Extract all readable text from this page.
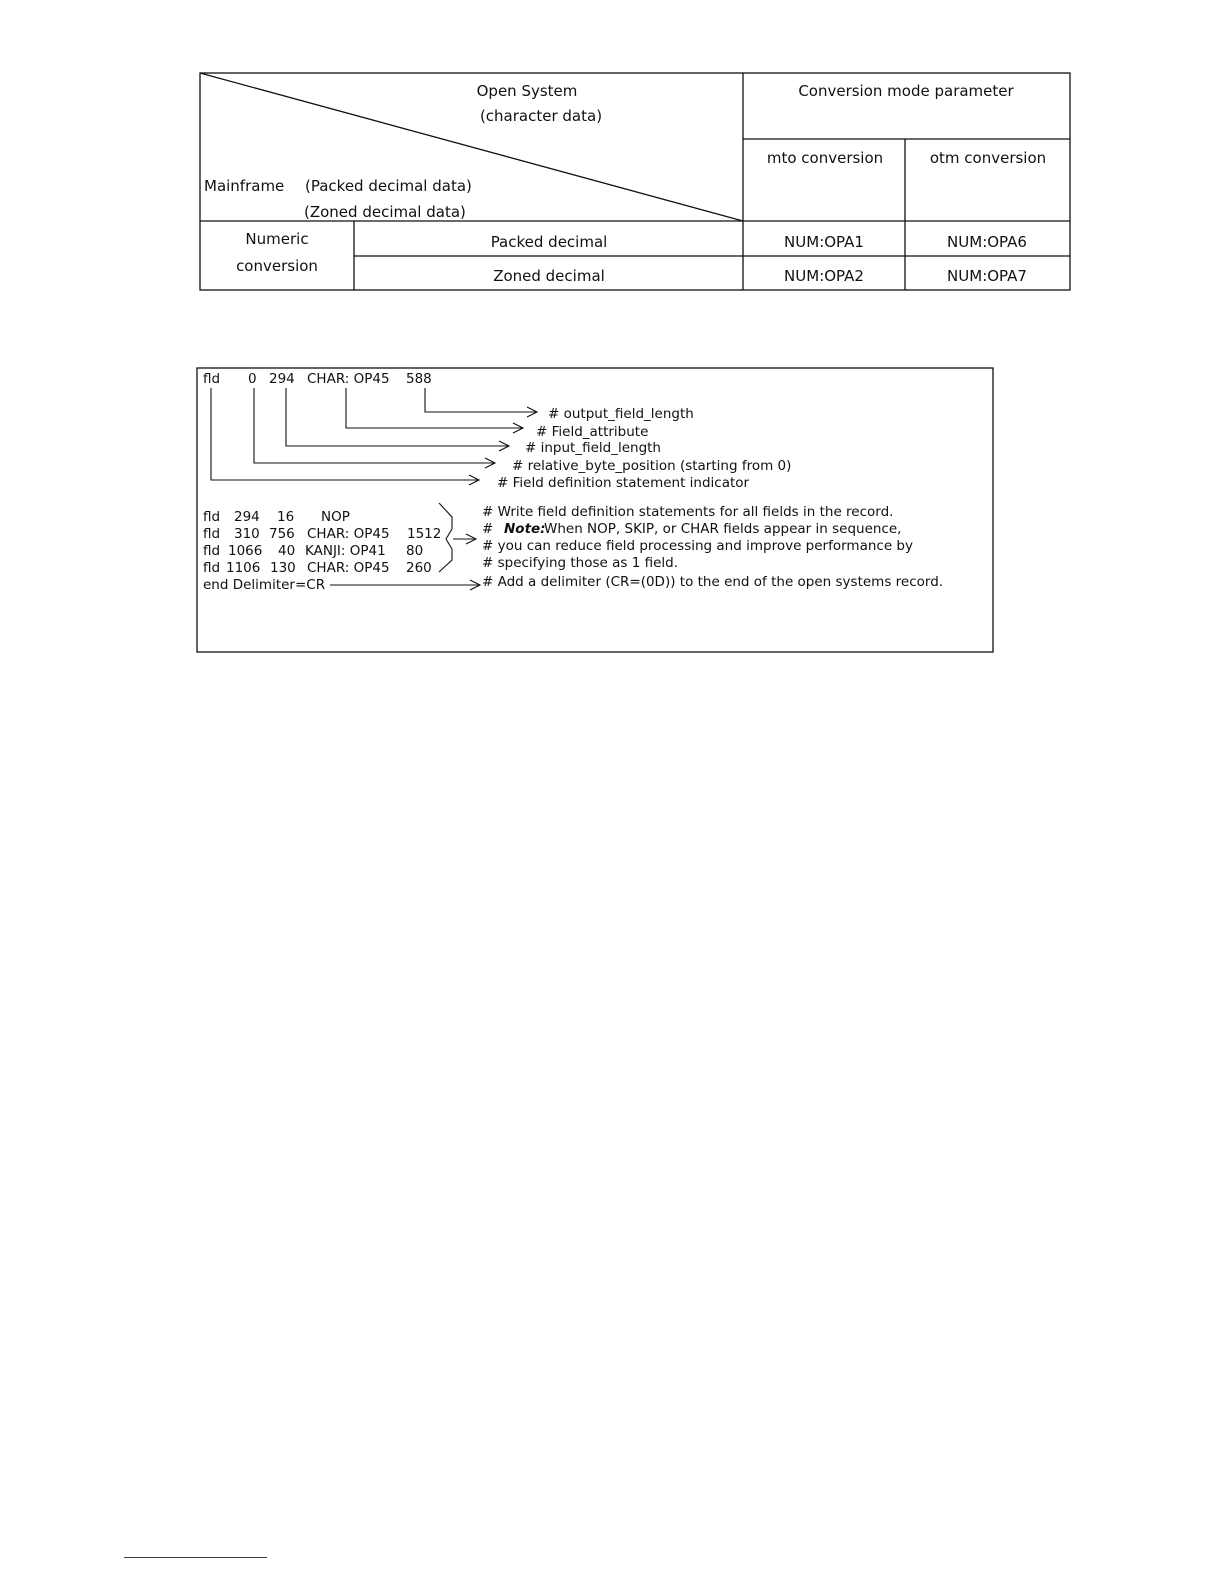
Open System
(character data)
Mainframe (Packed decimal data)
(Zoned decimal data)
Conversion mode parameter
mto conversion	otm conversion
Numeric
conversion
Packed decimal	NUM:OPA1	NUM:OPA6
Zoned decimal	NUM:OPA2	NUM:OPA7
fld 0 294 CHAR: OP45 588
# output_field_length
# Field_attribute
# input_field_length
# relative_byte_position (starting from 0)
# Field definition statement indicator
fld 294 16 NOP
fld 310 756 CHAR: OP45 1512
fld 1066 40 KANJI: OP41 80
fld 1106 130 CHAR: OP45 260
end Delimiter=CR
# Write field definition statements for all fields in the record.
# Note:
When NOP, SKIP, or CHAR fields appear in sequence,
# you can reduce field processing and improve performance by
# specifying those as 1 field.
# Add a delimiter (CR=(0D)) to the end of the open systems record.
